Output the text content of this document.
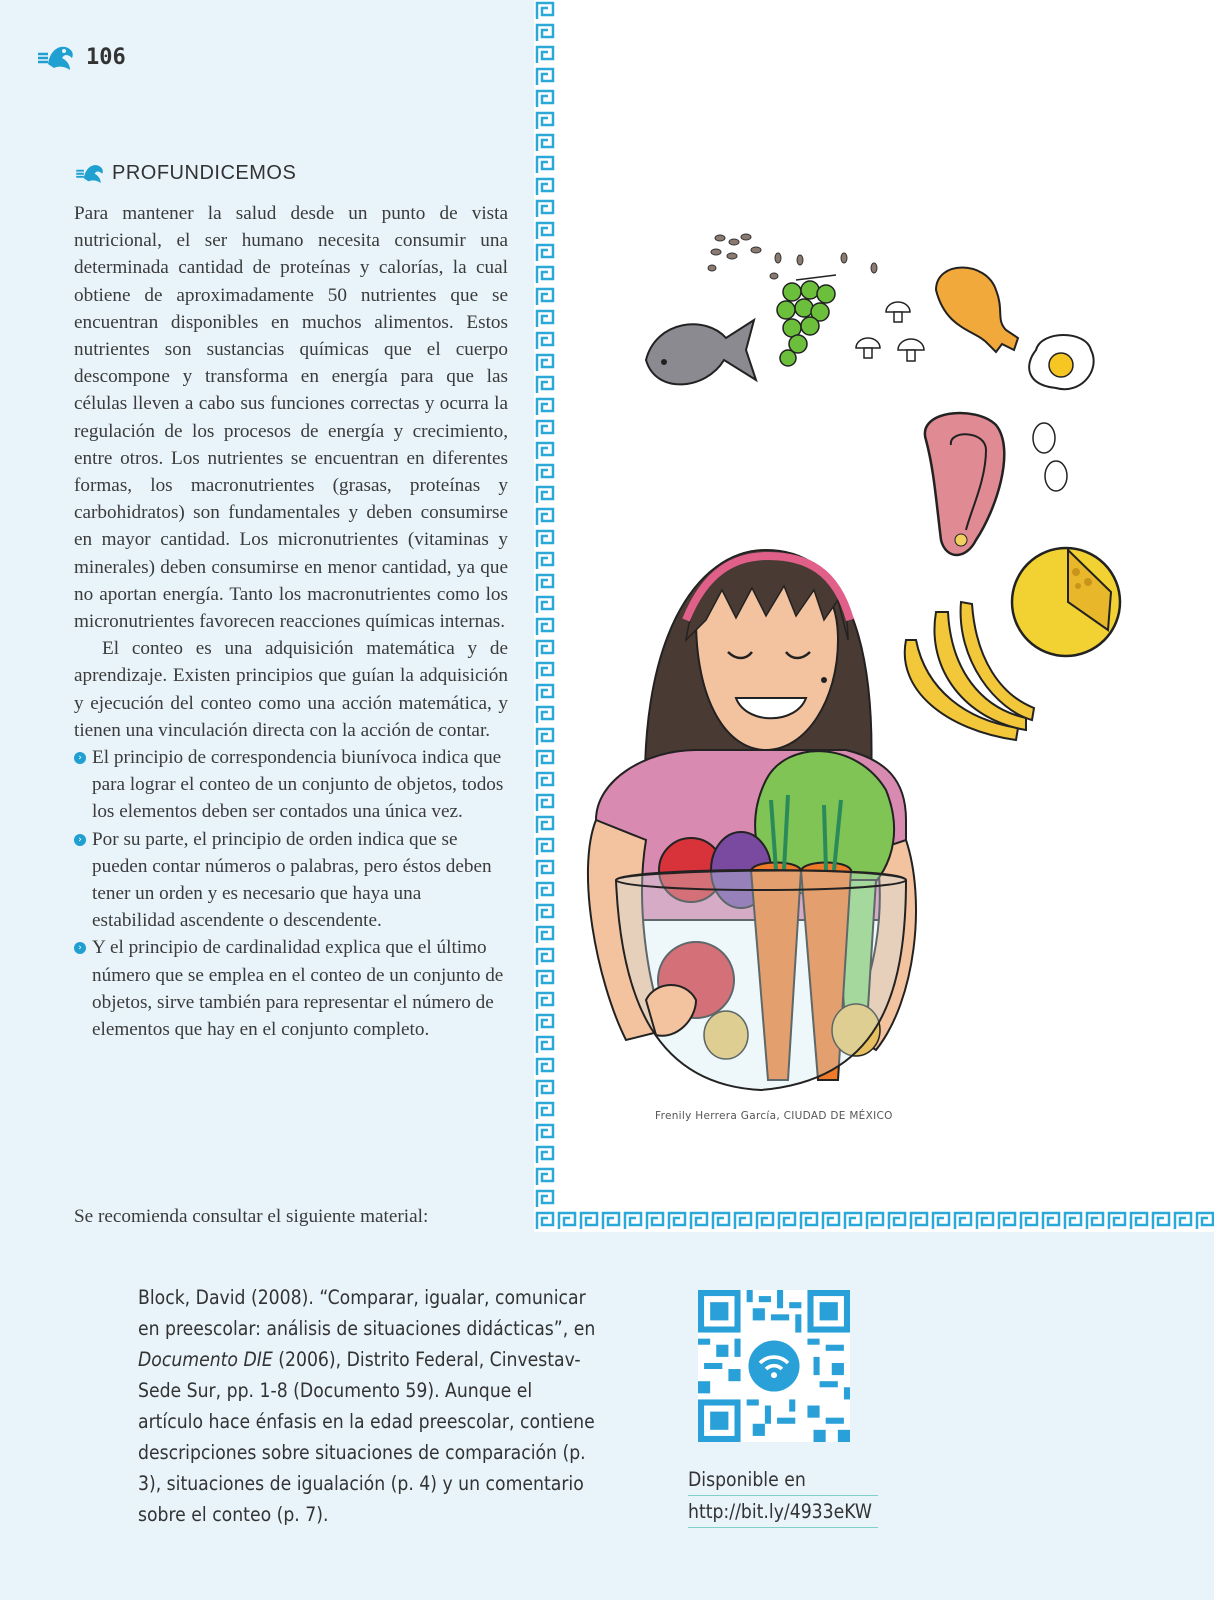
106
PROFUNDICEMOS

Para mantener la salud desde un punto de vista nutricional, el ser humano necesita consumir una determinada cantidad de proteínas y calorías, la cual obtiene de aproximadamente 50 nutrientes que se encuentran disponibles en muchos alimentos. Estos nutrientes son sustancias químicas que el cuerpo descompone y transforma en energía para que las células lleven a cabo sus funciones correctas y ocurra la regulación de los procesos de energía y crecimiento, entre otros. Los nutrientes se encuentran en diferentes formas, los macronutrientes (grasas, proteínas y carbohidratos) son fundamentales y deben consumirse en mayor cantidad. Los micronutrientes (vitaminas y minerales) deben consumirse en menor cantidad, ya que no aportan energía. Tanto los macronutrientes como los micronutrientes favorecen reacciones químicas internas.

El conteo es una adquisición matemática y de aprendizaje. Existen principios que guían la adquisición y ejecución del conteo como una acción matemática, y tienen una vinculación directa con la acción de contar.

› El principio de correspondencia biunívoca indica que para lograr el conteo de un conjunto de objetos, todos los elementos deben ser contados una única vez.
› Por su parte, el principio de orden indica que se pueden contar números o palabras, pero éstos deben tener un orden y es necesario que haya una estabilidad ascendente o descendente.
› Y el principio de cardinalidad explica que el último número que se emplea en el conteo de un conjunto de objetos, sirve también para representar el número de elementos que hay en el conjunto completo.
Se recomienda consultar el siguiente material:
Frenily Herrera García, CIUDAD DE MÉXICO
Block, David (2008). “Comparar, igualar, comunicar en preescolar: análisis de situaciones didácticas”, en Documento DIE (2006), Distrito Federal, Cinvestav-Sede Sur, pp. 1-8 (Documento 59). Aunque el artículo hace énfasis en la edad preescolar, contiene descripciones sobre situaciones de comparación (p. 3), situaciones de igualación (p. 4) y un comentario sobre el conteo (p. 7).
Disponible en
http://bit.ly/4933eKW
